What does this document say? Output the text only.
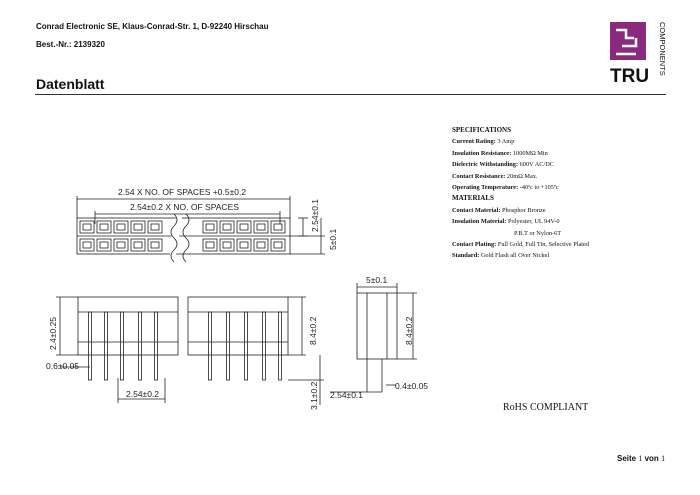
Conrad Electronic SE, Klaus-Conrad-Str. 1, D-92240 Hirschau
Best.-Nr.: 2139320
Datenblatt	TRU
COMPONENTS
2.54 X NO. OF SPACES +0.5±0.2
2.54±0.2 X NO. OF SPACES	2.54±0.1
5±0.1
5±0.1
8.4±0.2
8.4±0.2
2.4±0.25
0.6±0.05
2.54±0.2	3.1±0.2 2.54±0.1
0.4±0.05
SPECIFICATIONS
Current Rating: 3 Amp
Insulation Resistance: 1000MΩ Min
Dielectric Withstanding: 600V AC/DC
Contact Resistance: 20mΩ Max.
Operating Temperature: -40ºc to +105ºc
MATERIALS
Contact Material: Phosphor Bronze
Insulation Material: Polyester, UL 94V-0
P.B.T or Nylon-6T
Contact Plating: Full Gold, Full Tin, Selective Plated
Standard: Gold Flash all Over Nickel
RoHS COMPLIANT
Seite 1 von 1
